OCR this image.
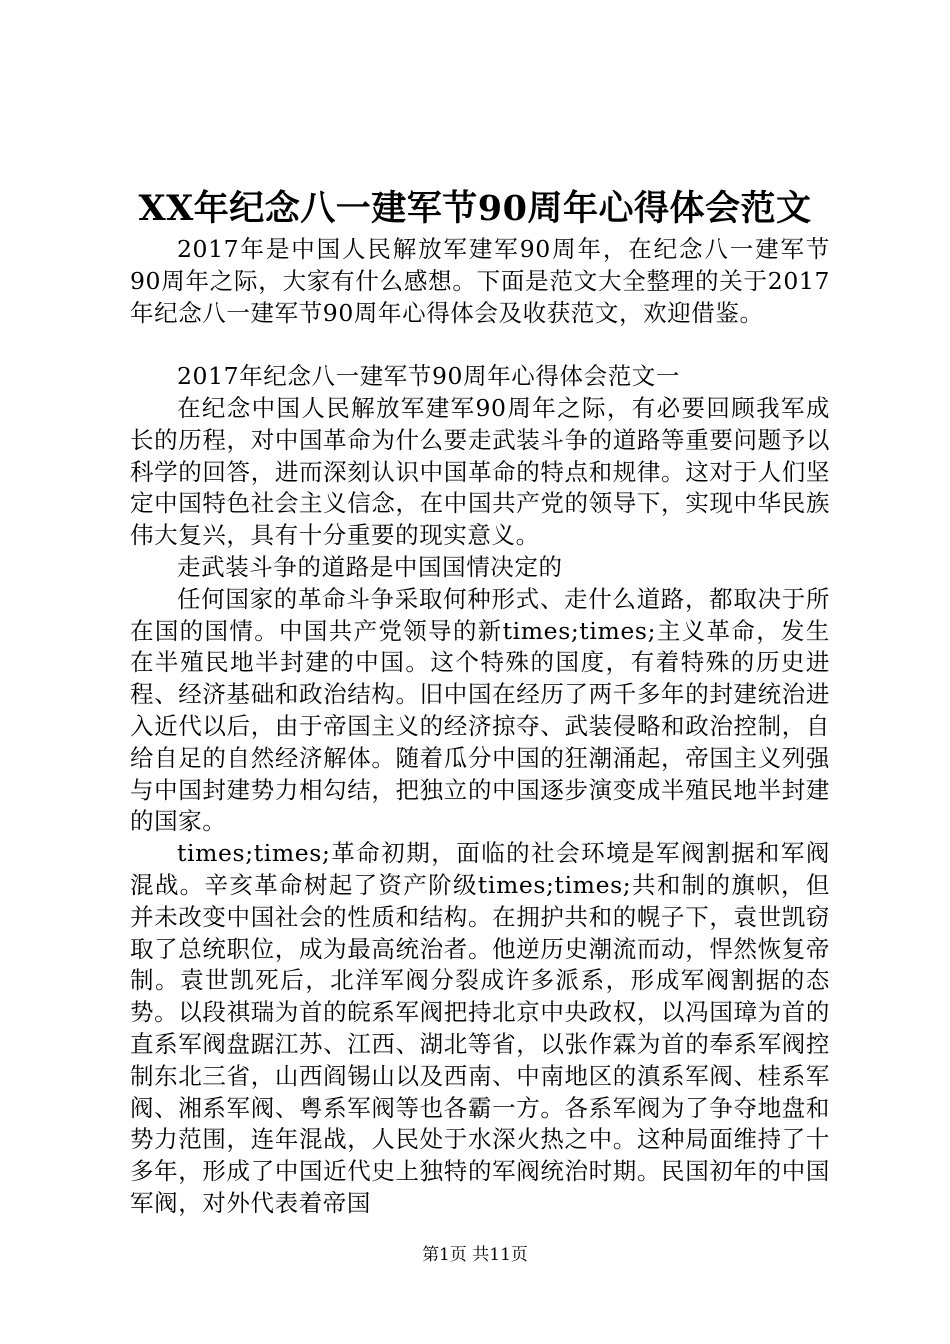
XX年纪念八一建军节90周年心得体会范文

2017年是中国人民解放军建军90周年，在纪念八一建军节90周年之际，大家有什么感想。下面是范文大全整理的关于2017年纪念八一建军节90周年心得体会及收获范文，欢迎借鉴。

2017年纪念八一建军节90周年心得体会范文一

在纪念中国人民解放军建军90周年之际，有必要回顾我军成长的历程，对中国革命为什么要走武装斗争的道路等重要问题予以科学的回答，进而深刻认识中国革命的特点和规律。这对于人们坚定中国特色社会主义信念，在中国共产党的领导下，实现中华民族伟大复兴，具有十分重要的现实意义。

走武装斗争的道路是中国国情决定的

任何国家的革命斗争采取何种形式、走什么道路，都取决于所在国的国情。中国共产党领导的新times;times;主义革命，发生在半殖民地半封建的中国。这个特殊的国度，有着特殊的历史进程、经济基础和政治结构。旧中国在经历了两千多年的封建统治进入近代以后，由于帝国主义的经济掠夺、武装侵略和政治控制，自给自足的自然经济解体。随着瓜分中国的狂潮涌起，帝国主义列强与中国封建势力相勾结，把独立的中国逐步演变成半殖民地半封建的国家。

times;times;革命初期，面临的社会环境是军阀割据和军阀混战。辛亥革命树起了资产阶级times;times;共和制的旗帜，但并未改变中国社会的性质和结构。在拥护共和的幌子下，袁世凯窃取了总统职位，成为最高统治者。他逆历史潮流而动，悍然恢复帝制。袁世凯死后，北洋军阀分裂成许多派系，形成军阀割据的态势。以段祺瑞为首的皖系军阀把持北京中央政权，以冯国璋为首的直系军阀盘踞江苏、江西、湖北等省，以张作霖为首的奉系军阀控制东北三省，山西阎锡山以及西南、中南地区的滇系军阀、桂系军阀、湘系军阀、粤系军阀等也各霸一方。各系军阀为了争夺地盘和势力范围，连年混战，人民处于水深火热之中。这种局面维持了十多年，形成了中国近代史上独特的军阀统治时期。民国初年的中国军阀，对外代表着帝国

第1页 共11页
